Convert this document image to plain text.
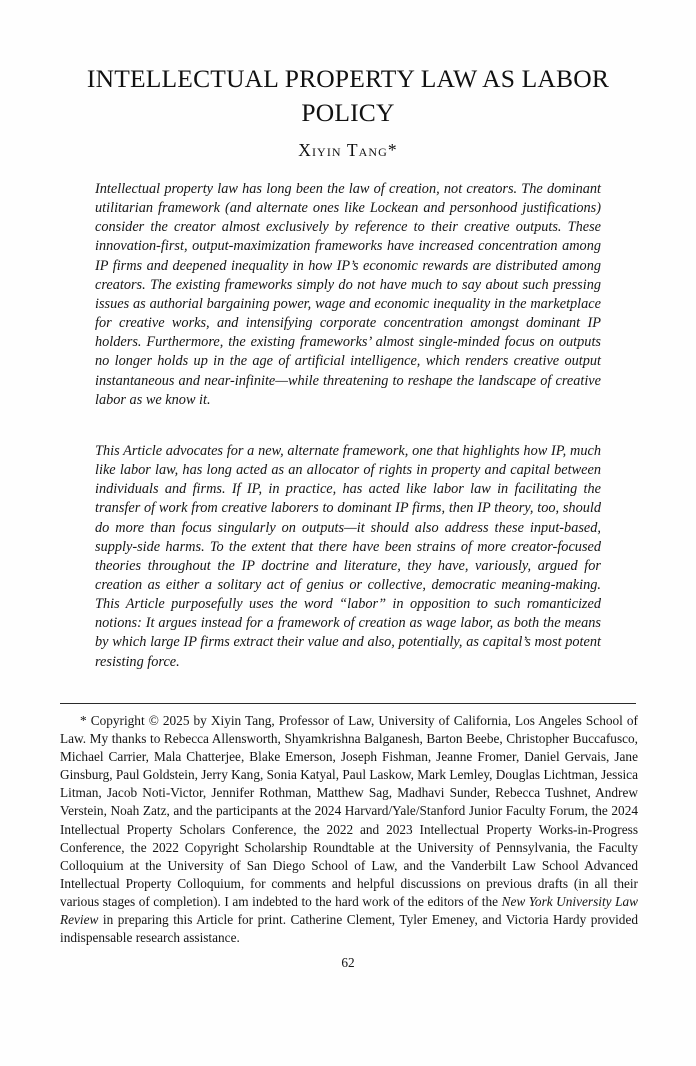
INTELLECTUAL PROPERTY LAW AS LABOR POLICY
Xiyin Tang*

Intellectual property law has long been the law of creation, not creators. The dominant utilitarian framework (and alternate ones like Lockean and personhood justifications) consider the creator almost exclusively by reference to their creative outputs. These innovation-first, output-maximization frameworks have increased concentration among IP firms and deepened inequality in how IP’s economic rewards are distributed among creators. The existing frameworks simply do not have much to say about such pressing issues as authorial bargaining power, wage and economic inequality in the marketplace for creative works, and intensifying corporate concentration amongst dominant IP holders. Furthermore, the existing frameworks’ almost single-minded focus on outputs no longer holds up in the age of artificial intelligence, which renders creative output instantaneous and near-infinite—while threatening to reshape the landscape of creative labor as we know it.

This Article advocates for a new, alternate framework, one that highlights how IP, much like labor law, has long acted as an allocator of rights in property and capital between individuals and firms. If IP, in practice, has acted like labor law in facilitating the transfer of work from creative laborers to dominant IP firms, then IP theory, too, should do more than focus singularly on outputs—it should also address these input-based, supply-side harms. To the extent that there have been strains of more creator-focused theories throughout the IP doctrine and literature, they have, variously, argued for creation as either a solitary act of genius or collective, democratic meaning-making. This Article purposefully uses the word “labor” in opposition to such romanticized notions: It argues instead for a framework of creation as wage labor, as both the means by which large IP firms extract their value and also, potentially, as capital’s most potent resisting force.

* Copyright © 2025 by Xiyin Tang, Professor of Law, University of California, Los Angeles School of Law. My thanks to Rebecca Allensworth, Shyamkrishna Balganesh, Barton Beebe, Christopher Buccafusco, Michael Carrier, Mala Chatterjee, Blake Emerson, Joseph Fishman, Jeanne Fromer, Daniel Gervais, Jane Ginsburg, Paul Goldstein, Jerry Kang, Sonia Katyal, Paul Laskow, Mark Lemley, Douglas Lichtman, Jessica Litman, Jacob Noti-Victor, Jennifer Rothman, Matthew Sag, Madhavi Sunder, Rebecca Tushnet, Andrew Verstein, Noah Zatz, and the participants at the 2024 Harvard/Yale/Stanford Junior Faculty Forum, the 2024 Intellectual Property Scholars Conference, the 2022 and 2023 Intellectual Property Works-in-Progress Conference, the 2022 Copyright Scholarship Roundtable at the University of Pennsylvania, the Faculty Colloquium at the University of San Diego School of Law, and the Vanderbilt Law School Advanced Intellectual Property Colloquium, for comments and helpful discussions on previous drafts (in all their various stages of completion). I am indebted to the hard work of the editors of the New York University Law Review in preparing this Article for print. Catherine Clement, Tyler Emeney, and Victoria Hardy provided indispensable research assistance.
62
